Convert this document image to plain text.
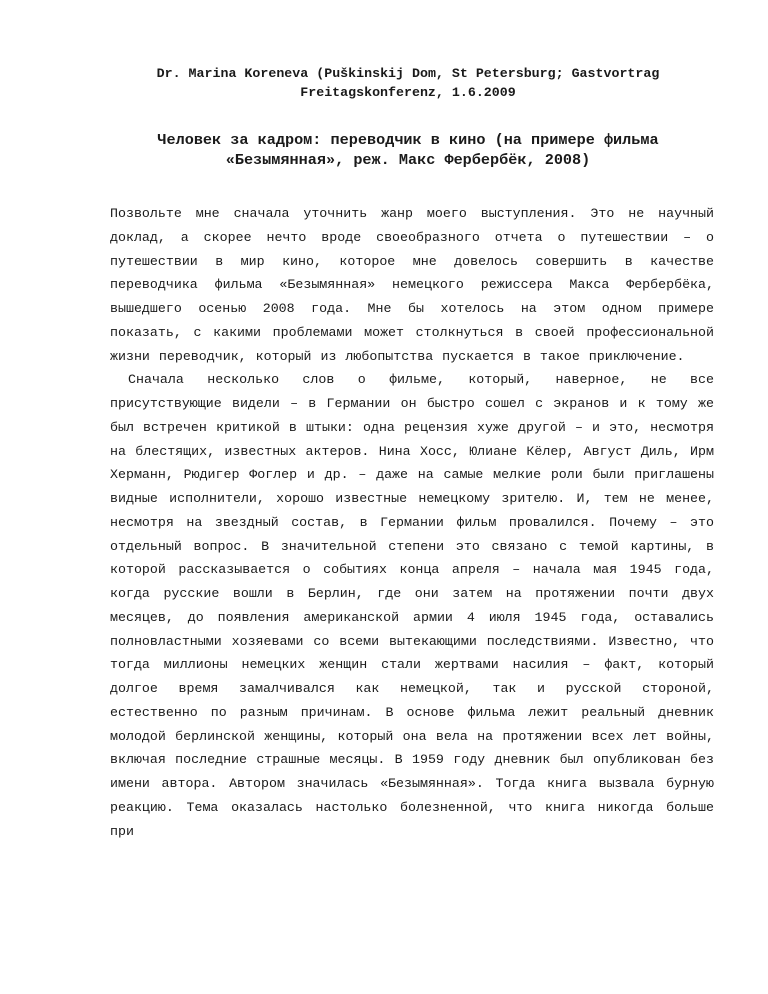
Dr. Marina Koreneva (Puškinskij Dom, St Petersburg; Gastvortrag
Freitagskonferenz, 1.6.2009
Человек за кадром: переводчик в кино (на примере фильма
«Безымянная», реж. Макс Фербербёк, 2008)

Позвольте мне сначала уточнить жанр моего выступления. Это не научный доклад, а скорее нечто вроде своеобразного отчета о путешествии – о путешествии в мир кино, которое мне довелось совершить в качестве переводчика фильма «Безымянная» немецкого режиссера Макса Фербербёка, вышедшего осенью 2008 года. Мне бы хотелось на этом одном примере показать, с какими проблемами может столкнуться в своей профессиональной жизни переводчик, который из любопытства пускается в такое приключение.

Сначала несколько слов о фильме, который, наверное, не все присутствующие видели – в Германии он быстро сошел с экранов и к тому же был встречен критикой в штыки: одна рецензия хуже другой – и это, несмотря на блестящих, известных актеров. Нина Хосс, Юлиане Кёлер, Август Диль, Ирм Херманн, Рюдигер Фоглер и др. – даже на самые мелкие роли были приглашены видные исполнители, хорошо известные немецкому зрителю. И, тем не менее, несмотря на звездный состав, в Германии фильм провалился. Почему – это отдельный вопрос. В значительной степени это связано с темой картины, в которой рассказывается о событиях конца апреля – начала мая 1945 года, когда русские вошли в Берлин, где они затем на протяжении почти двух месяцев, до появления американской армии 4 июля 1945 года, оставались полновластными хозяевами со всеми вытекающими последствиями. Известно, что тогда миллионы немецких женщин стали жертвами насилия – факт, который долгое время замалчивался как немецкой, так и русской стороной, естественно по разным причинам. В основе фильма лежит реальный дневник молодой берлинской женщины, который она вела на протяжении всех лет войны, включая последние страшные месяцы. В 1959 году дневник был опубликован без имени автора. Автором значилась «Безымянная». Тогда книга вызвала бурную реакцию. Тема оказалась настолько болезненной, что книга никогда больше при
